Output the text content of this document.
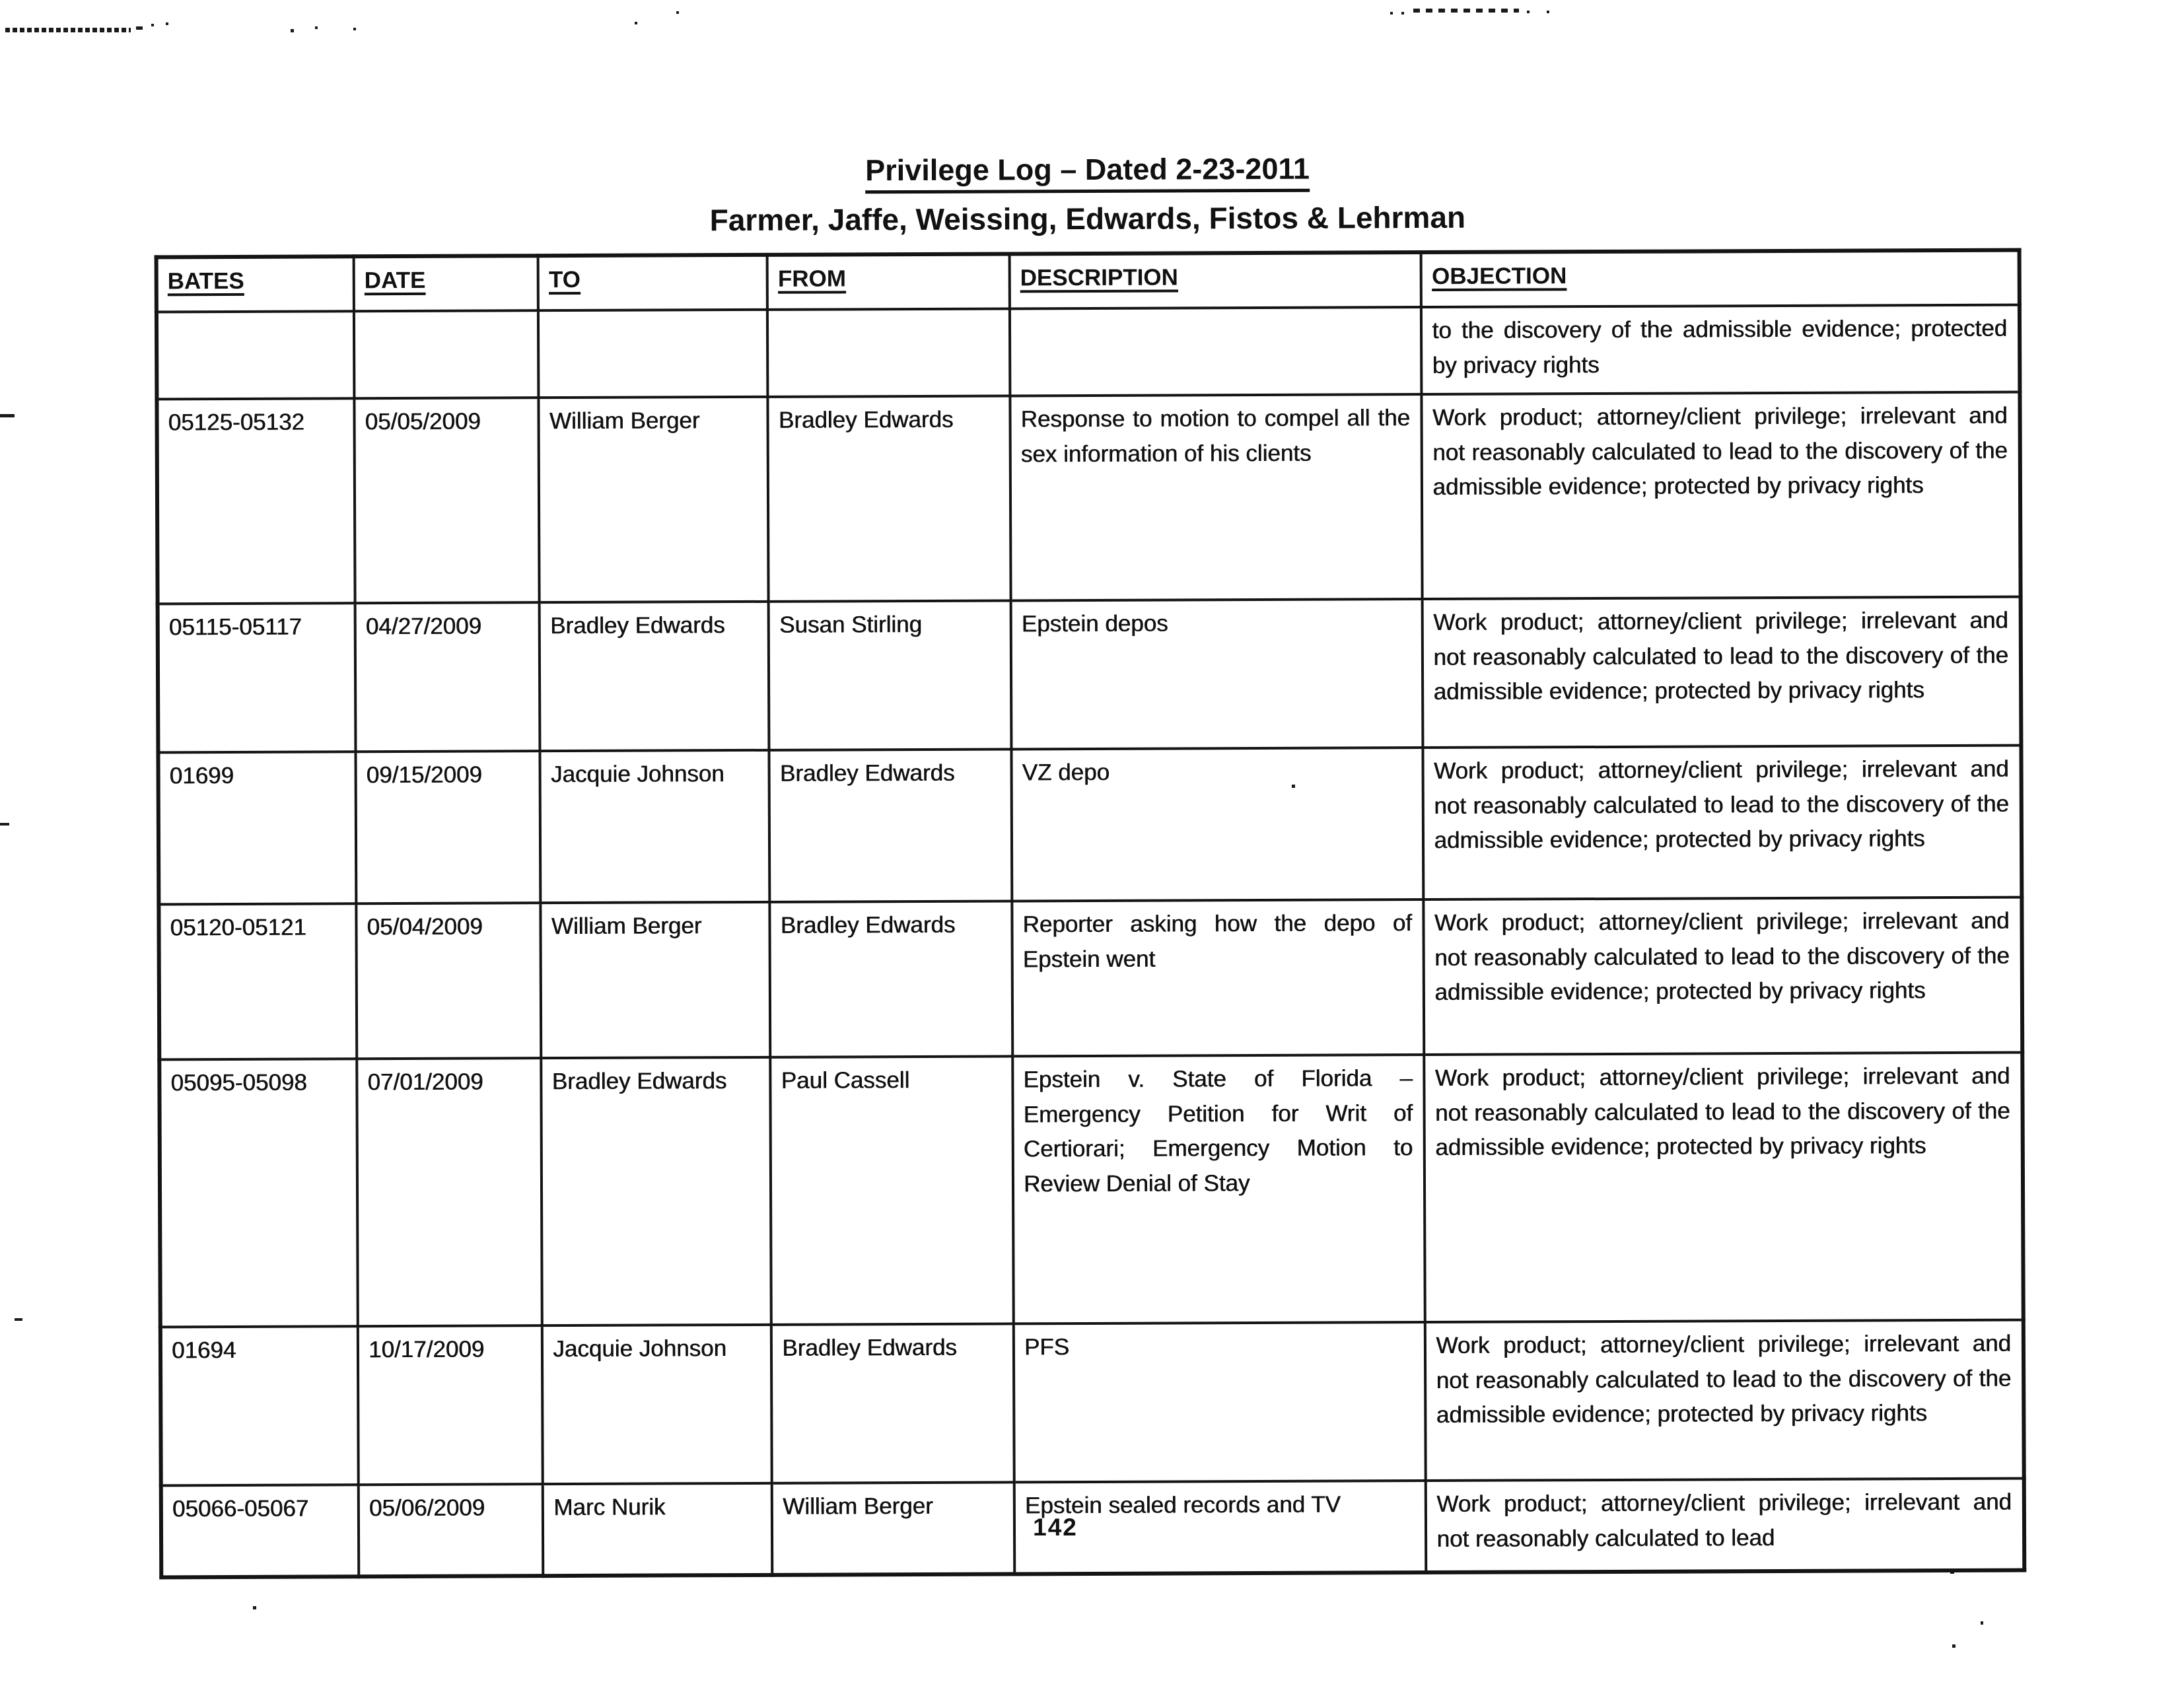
Privilege Log – Dated 2-23-2011
Farmer, Jaffe, Weissing, Edwards, Fistos & Lehrman
BATES	DATE	TO	FROM	DESCRIPTION	OBJECTION
					to the discovery of the admissible evidence; protected by privacy rights
05125-05132	05/05/2009	William Berger	Bradley Edwards	Response to motion to compel all the sex information of his clients	Work product; attorney/client privilege; irrelevant and not reasonably calculated to lead to the discovery of the admissible evidence; protected by privacy rights
05115-05117	04/27/2009	Bradley Edwards	Susan Stirling	Epstein depos	Work product; attorney/client privilege; irrelevant and not reasonably calculated to lead to the discovery of the admissible evidence; protected by privacy rights
01699	09/15/2009	Jacquie Johnson	Bradley Edwards	VZ depo	Work product; attorney/client privilege; irrelevant and not reasonably calculated to lead to the discovery of the admissible evidence; protected by privacy rights
05120-05121	05/04/2009	William Berger	Bradley Edwards	Reporter asking how the depo of Epstein went	Work product; attorney/client privilege; irrelevant and not reasonably calculated to lead to the discovery of the admissible evidence; protected by privacy rights
05095-05098	07/01/2009	Bradley Edwards	Paul Cassell	Epstein v. State of Florida – Emergency Petition for Writ of Certiorari; Emergency Motion to Review Denial of Stay	Work product; attorney/client privilege; irrelevant and not reasonably calculated to lead to the discovery of the admissible evidence; protected by privacy rights
01694	10/17/2009	Jacquie Johnson	Bradley Edwards	PFS	Work product; attorney/client privilege; irrelevant and not reasonably calculated to lead to the discovery of the admissible evidence; protected by privacy rights
05066-05067	05/06/2009	Marc Nurik	William Berger	Epstein sealed records and TV	Work product; attorney/client privilege; irrelevant and not reasonably calculated to lead
142
